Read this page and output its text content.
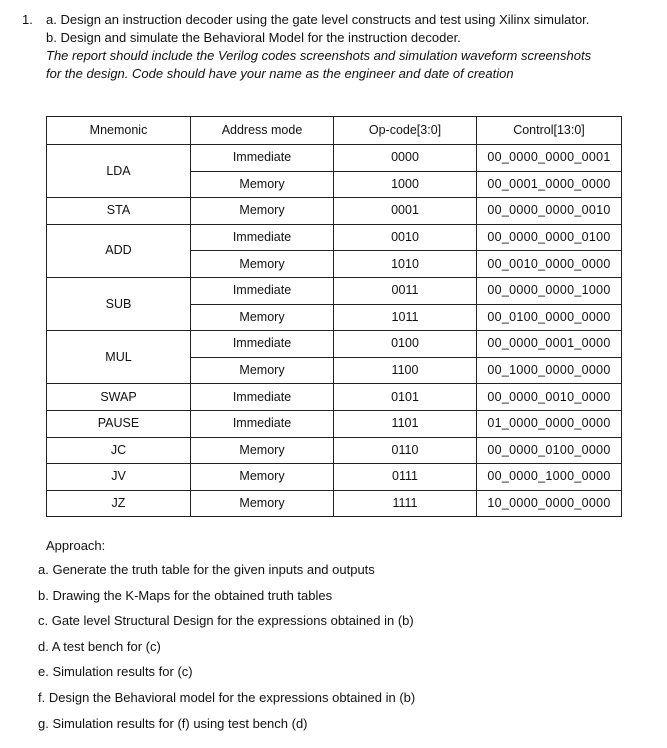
1. a. Design an instruction decoder using the gate level constructs and test using Xilinx simulator.
b. Design and simulate the Behavioral Model for the instruction decoder.
The report should include the Verilog codes screenshots and simulation waveform screenshots
for the design. Code should have your name as the engineer and date of creation
Mnemonic	Address mode	Op-code[3:0]	Control[13:0]
LDA	Immediate	0000	00_0000_0000_0001
	Memory	1000	00_0001_0000_0000
STA	Memory	0001	00_0000_0000_0010
ADD	Immediate	0010	00_0000_0000_0100
	Memory	1010	00_0010_0000_0000
SUB	Immediate	0011	00_0000_0000_1000
	Memory	1011	00_0100_0000_0000
MUL	Immediate	0100	00_0000_0001_0000
	Memory	1100	00_1000_0000_0000
SWAP	Immediate	0101	00_0000_0010_0000
PAUSE	Immediate	1101	01_0000_0000_0000
JC	Memory	0110	00_0000_0100_0000
JV	Memory	0111	00_0000_1000_0000
JZ	Memory	1111	10_0000_0000_0000
Approach:
a. Generate the truth table for the given inputs and outputs
b. Drawing the K-Maps for the obtained truth tables
c. Gate level Structural Design for the expressions obtained in (b)
d. A test bench for (c)
e. Simulation results for (c)
f. Design the Behavioral model for the expressions obtained in (b)
g. Simulation results for (f) using test bench (d)
